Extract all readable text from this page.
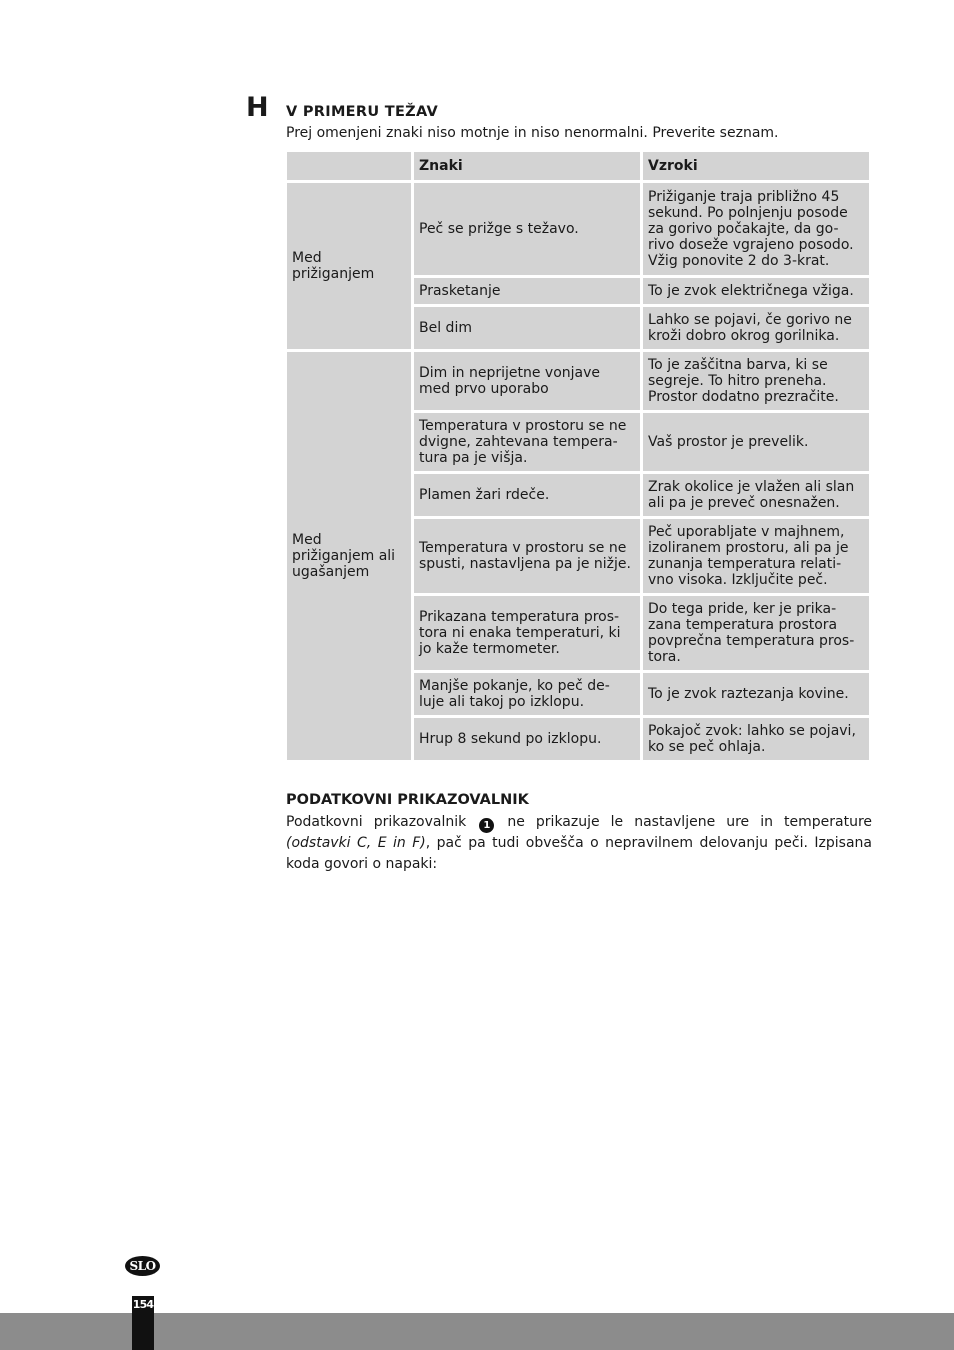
H V PRIMERU TEŽAV
Prej omenjeni znaki niso motnje in niso nenormalni. Preverite seznam.
	Znaki	Vzroki
Med prižiganjem	Peč se prižge s težavo.	Prižiganje traja približno 45 sekund. Po polnjenju posode za gorivo počakajte, da go-rivo doseže vgrajeno posodo. Vžig ponovite 2 do 3-krat.
	Prasketanje	To je zvok električnega vžiga.
	Bel dim	Lahko se pojavi, če gorivo ne kroži dobro okrog gorilnika.
Med prižiganjem ali ugašanjem	Dim in neprijetne vonjave med prvo uporabo	To je zaščitna barva, ki se segreje. To hitro preneha. Prostor dodatno prezračite.
	Temperatura v prostoru se ne dvigne, zahtevana tempera-tura pa je višja.	Vaš prostor je prevelik.
	Plamen žari rdeče.	Zrak okolice je vlažen ali slan ali pa je preveč onesnažen.
	Temperatura v prostoru se ne spusti, nastavljena pa je nižje.	Peč uporabljate v majhnem, izoliranem prostoru, ali pa je zunanja temperatura relati-vno visoka. Izključite peč.
	Prikazana temperatura pros-tora ni enaka temperaturi, ki jo kaže termometer.	Do tega pride, ker je prika-zana temperatura prostora povprečna temperatura pros-tora.
	Manjše pokanje, ko peč de-luje ali takoj po izklopu.	To je zvok raztezanja kovine.
	Hrup 8 sekund po izklopu.	Pokajoč zvok: lahko se pojavi, ko se peč ohlaja.
PODATKOVNI PRIKAZOVALNIK
Podatkovni prikazovalnik 1 ne prikazuje le nastavljene ure in temperature (odstavki C, E in F), pač pa tudi obvešča o nepravilnem delovanju peči. Izpisana koda govori o napaki:
SLO
154
